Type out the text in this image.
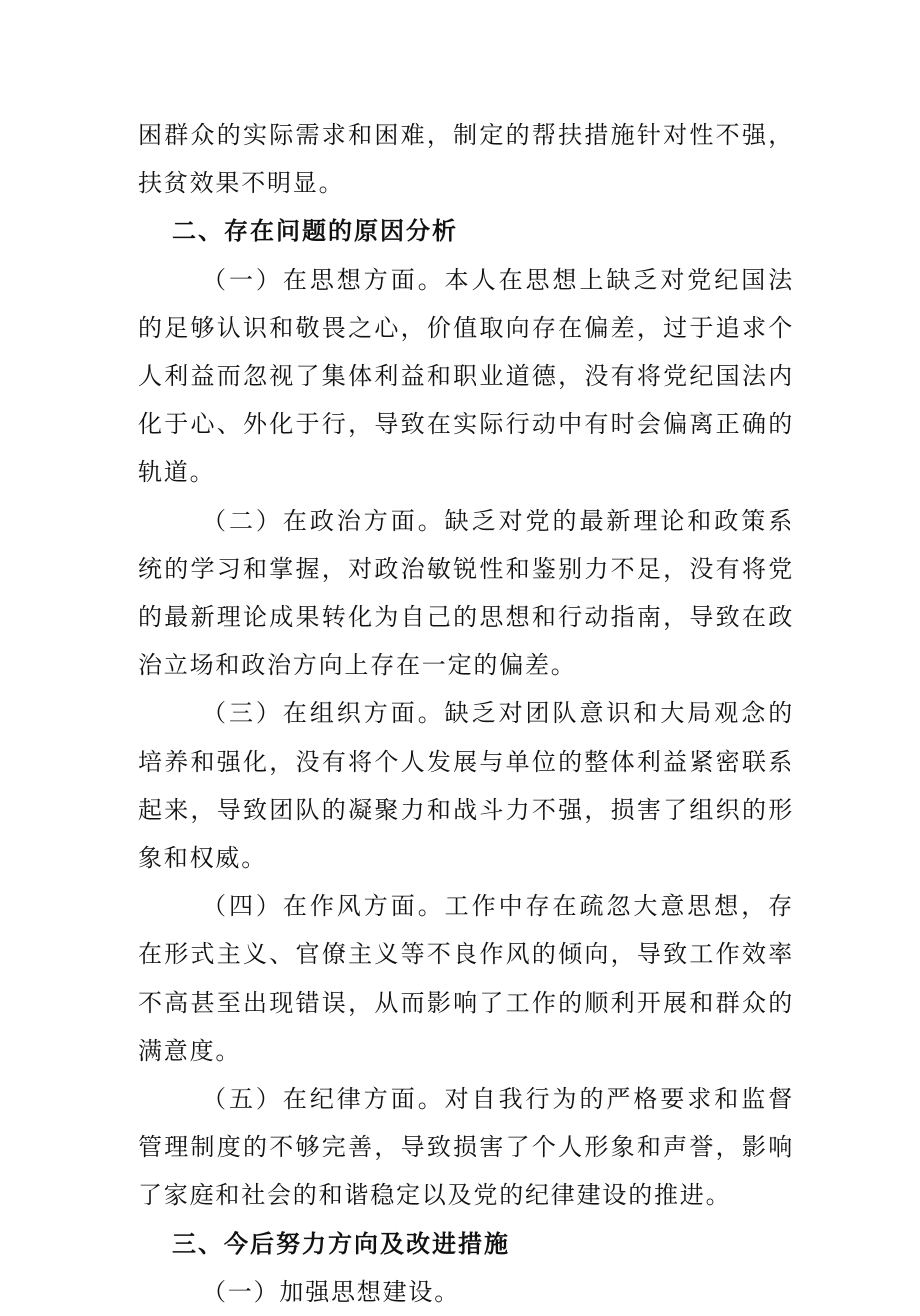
困群众的实际需求和困难，制定的帮扶措施针对性不强，扶贫效果不明显。

二、存在问题的原因分析

（一）在思想方面。本人在思想上缺乏对党纪国法的足够认识和敬畏之心，价值取向存在偏差，过于追求个人利益而忽视了集体利益和职业道德，没有将党纪国法内化于心、外化于行，导致在实际行动中有时会偏离正确的轨道。

（二）在政治方面。缺乏对党的最新理论和政策系统的学习和掌握，对政治敏锐性和鉴别力不足，没有将党的最新理论成果转化为自己的思想和行动指南，导致在政治立场和政治方向上存在一定的偏差。

（三）在组织方面。缺乏对团队意识和大局观念的培养和强化，没有将个人发展与单位的整体利益紧密联系起来，导致团队的凝聚力和战斗力不强，损害了组织的形象和权威。

（四）在作风方面。工作中存在疏忽大意思想，存在形式主义、官僚主义等不良作风的倾向，导致工作效率不高甚至出现错误，从而影响了工作的顺利开展和群众的满意度。

（五）在纪律方面。对自我行为的严格要求和监督管理制度的不够完善，导致损害了个人形象和声誉，影响了家庭和社会的和谐稳定以及党的纪律建设的推进。

三、今后努力方向及改进措施

（一）加强思想建设。
